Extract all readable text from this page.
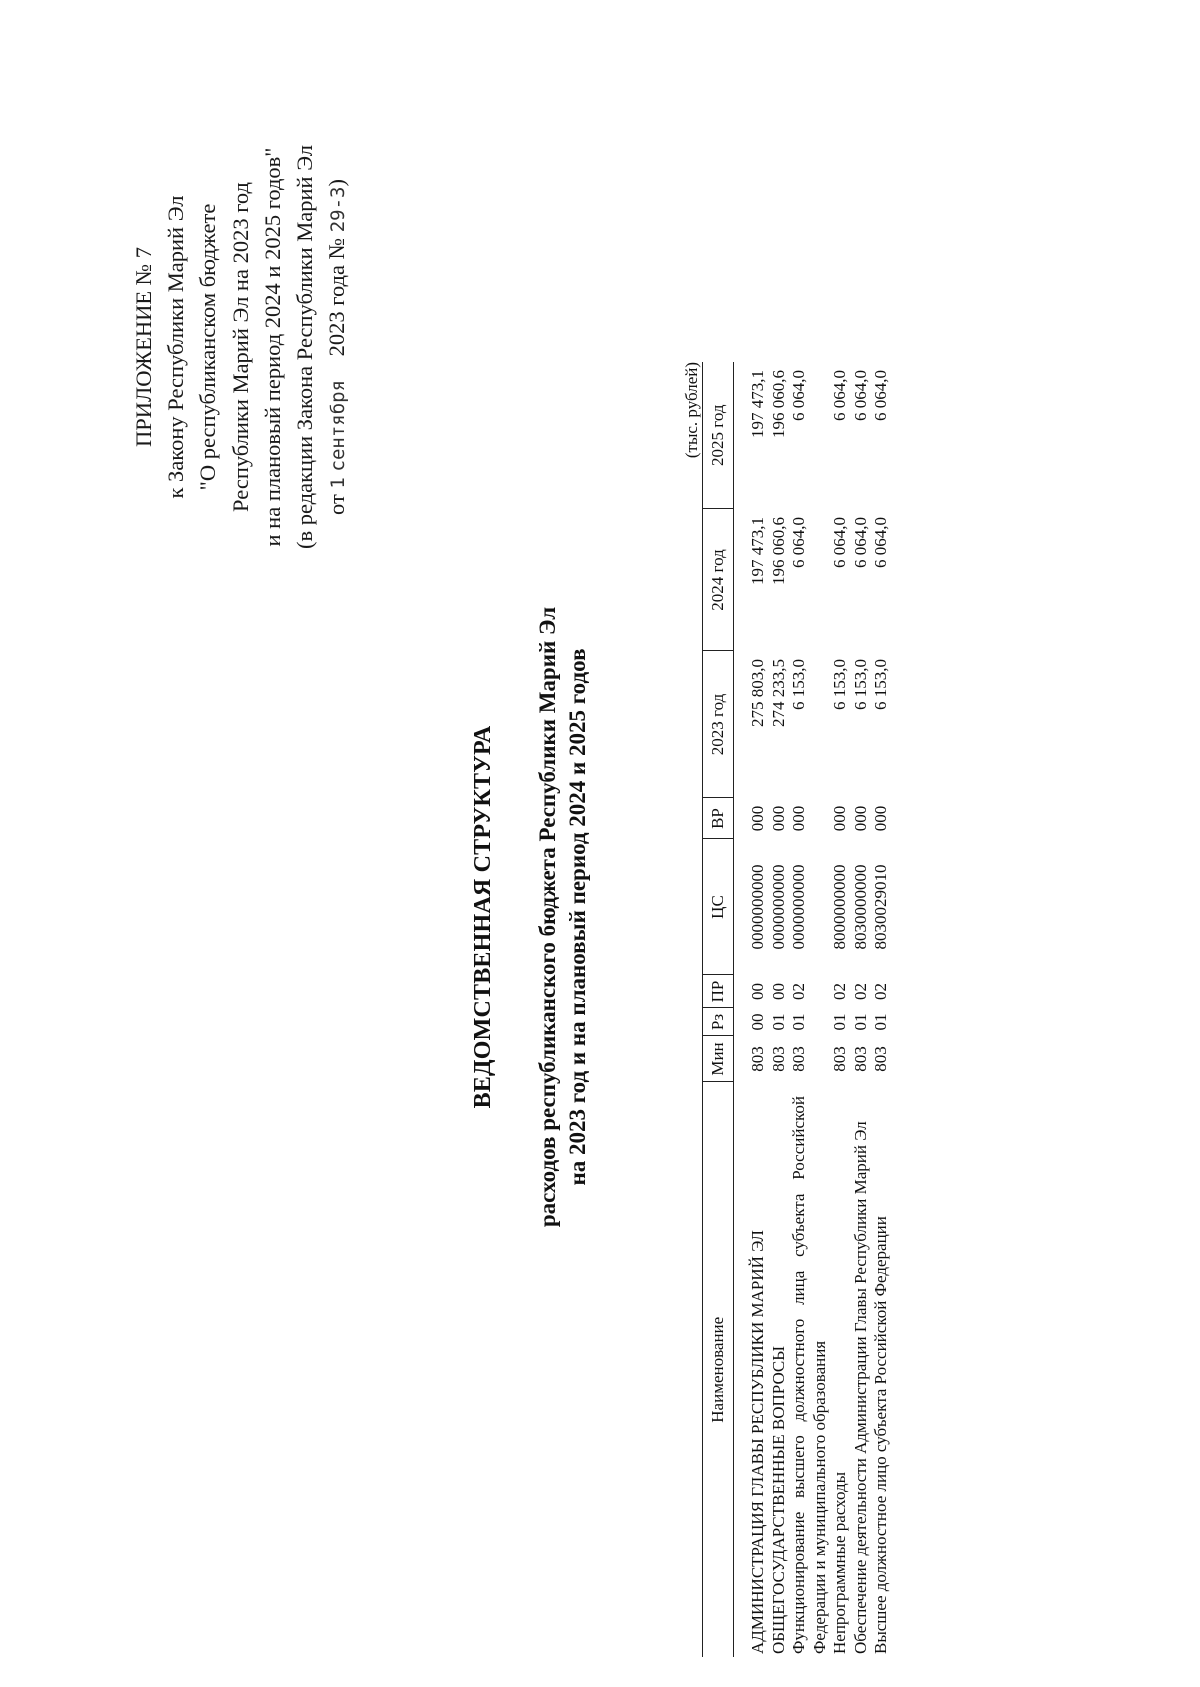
ПРИЛОЖЕНИЕ № 7 к Закону Республики Марий Эл "О республиканском бюджете Республики Марий Эл на 2023 год и на плановый период 2024 и 2025 годов" (в редакции Закона Республики Марий Эл от 1 сентября 2023 года № 29-З)
ВЕДОМСТВЕННАЯ СТРУКТУРА расходов республиканского бюджета Республики Марий Эл на 2023 год и на плановый период 2024 и 2025 годов
(тыс. рублей)
Наименование	Мин	Рз	ПР	ЦС	ВР	2023 год	2024 год	2025 год
АДМИНИСТРАЦИЯ ГЛАВЫ РЕСПУБЛИКИ МАРИЙ ЭЛ	803	00	00	0000000000	000	275 803,0	197 473,1	197 473,1
ОБЩЕГОСУДАРСТВЕННЫЕ ВОПРОСЫ	803	01	00	0000000000	000	274 233,5	196 060,6	196 060,6
Функционирование высшего должностного лица субъекта Российской Федерации и муниципального образования	803	01	02	0000000000	000	6 153,0	6 064,0	6 064,0
Непрограммные расходы	803	01	02	8000000000	000	6 153,0	6 064,0	6 064,0
Обеспечение деятельности Администрации Главы Республики Марий Эл	803	01	02	8030000000	000	6 153,0	6 064,0	6 064,0
Высшее должностное лицо субъекта Российской Федерации	803	01	02	8030029010	000	6 153,0	6 064,0	6 064,0
